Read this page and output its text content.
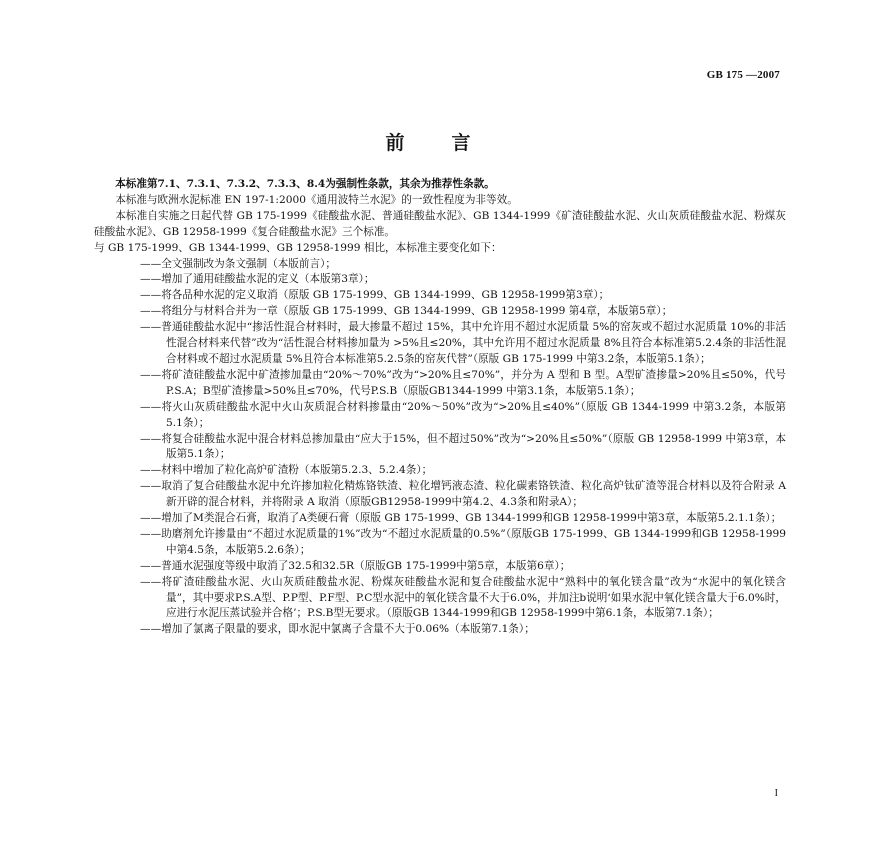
GB 175 —2007
前　言

本标准第7.1、7.3.1、7.3.2、7.3.3、8.4为强制性条款，其余为推荐性条款。

本标准与欧洲水泥标准 EN 197-1:2000《通用波特兰水泥》的一致性程度为非等效。

本标准自实施之日起代替 GB 175-1999《硅酸盐水泥、普通硅酸盐水泥》、GB 1344-1999《矿渣硅酸盐水泥、火山灰质硅酸盐水泥、粉煤灰硅酸盐水泥》、GB 12958-1999《复合硅酸盐水泥》三个标准。

与 GB 175-1999、GB 1344-1999、GB 12958-1999 相比，本标准主要变化如下：

——全文强制改为条文强制（本版前言）；

——增加了通用硅酸盐水泥的定义（本版第3章）；

——将各品种水泥的定义取消（原版 GB 175-1999、GB 1344-1999、GB 12958-1999第3章）；

——将组分与材料合并为一章（原版 GB 175-1999、GB 1344-1999、GB 12958-1999 第4章，本版第5章）；

——普通硅酸盐水泥中“掺活性混合材料时，最大掺量不超过 15%，其中允许用不超过水泥质量 5%的窑灰或不超过水泥质量 10%的非活性混合材料来代替”改为“活性混合材料掺加量为 >5%且≤20%，其中允许用不超过水泥质量 8%且符合本标准第5.2.4条的非活性混合材料或不超过水泥质量 5%且符合本标准第5.2.5条的窑灰代替”（原版 GB 175-1999 中第3.2条，本版第5.1条）；

——将矿渣硅酸盐水泥中矿渣掺加量由“20%～70%”改为“>20%且≤70%”，并分为 A 型和 B 型。A型矿渣掺量>20%且≤50%，代号P.S.A；B型矿渣掺量>50%且≤70%，代号P.S.B（原版GB1344-1999 中第3.1条，本版第5.1条）；

——将火山灰质硅酸盐水泥中火山灰质混合材料掺量由“20%～50%”改为“>20%且≤40%”（原版 GB 1344-1999 中第3.2条，本版第5.1条）；

——将复合硅酸盐水泥中混合材料总掺加量由“应大于15%，但不超过50%”改为“>20%且≤50%”（原版 GB 12958-1999 中第3章，本版第5.1条）；

——材料中增加了粒化高炉矿渣粉（本版第5.2.3、5.2.4条）；

——取消了复合硅酸盐水泥中允许掺加粒化精炼铬铁渣、粒化增钙液态渣、粒化碳素铬铁渣、粒化高炉钛矿渣等混合材料以及符合附录 A 新开辟的混合材料，并将附录 A 取消（原版GB12958-1999中第4.2、4.3条和附录A）；

——增加了M类混合石膏，取消了A类硬石膏（原版 GB 175-1999、GB 1344-1999和GB 12958-1999中第3章，本版第5.2.1.1条）；

——助磨剂允许掺量由“不超过水泥质量的1%”改为“不超过水泥质量的0.5%”（原版GB 175-1999、GB 1344-1999和GB 12958-1999中第4.5条，本版第5.2.6条）；

——普通水泥强度等级中取消了32.5和32.5R（原版GB 175-1999中第5章，本版第6章）；

——将矿渣硅酸盐水泥、火山灰质硅酸盐水泥、粉煤灰硅酸盐水泥和复合硅酸盐水泥中“熟料中的氧化镁含量”改为“水泥中的氧化镁含量”，其中要求P.S.A型、P.P型、P.F型、P.C型水泥中的氧化镁含量不大于6.0%，并加注b说明‘如果水泥中氧化镁含量大于6.0%时，应进行水泥压蒸试验并合格’；P.S.B型无要求。（原版GB 1344-1999和GB 12958-1999中第6.1条，本版第7.1条）；

——增加了氯离子限量的要求，即水泥中氯离子含量不大于0.06%（本版第7.1条）；

I
